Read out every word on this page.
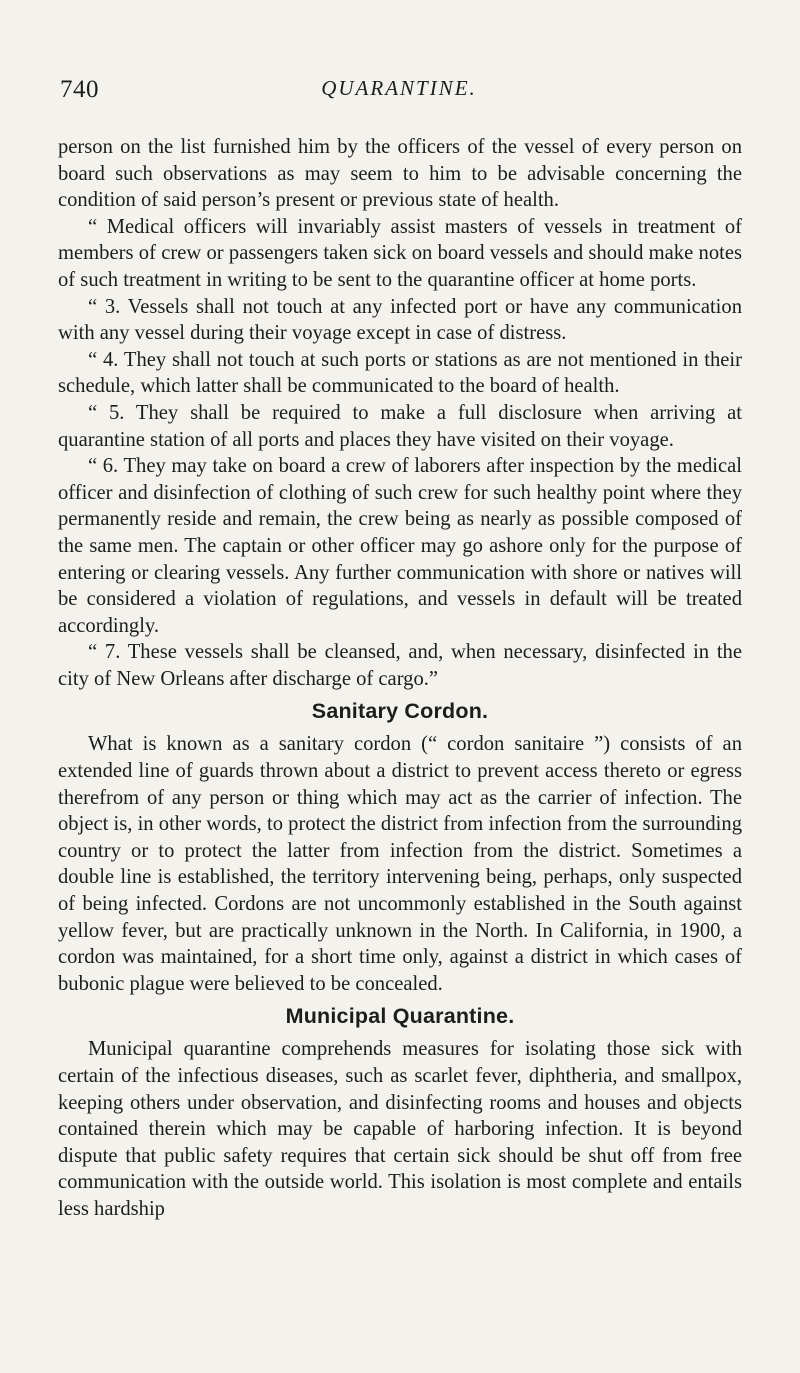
740	QUARANTINE.

person on the list furnished him by the officers of the vessel of every person on board such observations as may seem to him to be advisable concerning the condition of said person’s present or previous state of health.

“ Medical officers will invariably assist masters of vessels in treatment of members of crew or passengers taken sick on board vessels and should make notes of such treatment in writing to be sent to the quarantine officer at home ports.

“ 3. Vessels shall not touch at any infected port or have any communication with any vessel during their voyage except in case of distress.

“ 4. They shall not touch at such ports or stations as are not mentioned in their schedule, which latter shall be communicated to the board of health.

“ 5. They shall be required to make a full disclosure when arriving at quarantine station of all ports and places they have visited on their voyage.

“ 6. They may take on board a crew of laborers after inspection by the medical officer and disinfection of clothing of such crew for such healthy point where they permanently reside and remain, the crew being as nearly as possible composed of the same men. The captain or other officer may go ashore only for the purpose of entering or clearing vessels. Any further communication with shore or natives will be considered a violation of regulations, and vessels in default will be treated accordingly.

“ 7. These vessels shall be cleansed, and, when necessary, disinfected in the city of New Orleans after discharge of cargo.”

Sanitary Cordon.

What is known as a sanitary cordon (“ cordon sanitaire ”) consists of an extended line of guards thrown about a district to prevent access thereto or egress therefrom of any person or thing which may act as the carrier of infection. The object is, in other words, to protect the district from infection from the surrounding country or to protect the latter from infection from the district. Sometimes a double line is established, the territory intervening being, perhaps, only suspected of being infected. Cordons are not uncommonly established in the South against yellow fever, but are practically unknown in the North. In California, in 1900, a cordon was maintained, for a short time only, against a district in which cases of bubonic plague were believed to be concealed.

Municipal Quarantine.

Municipal quarantine comprehends measures for isolating those sick with certain of the infectious diseases, such as scarlet fever, diphtheria, and smallpox, keeping others under observation, and disinfecting rooms and houses and objects contained therein which may be capable of harboring infection. It is beyond dispute that public safety requires that certain sick should be shut off from free communication with the outside world. This isolation is most complete and entails less hardship
